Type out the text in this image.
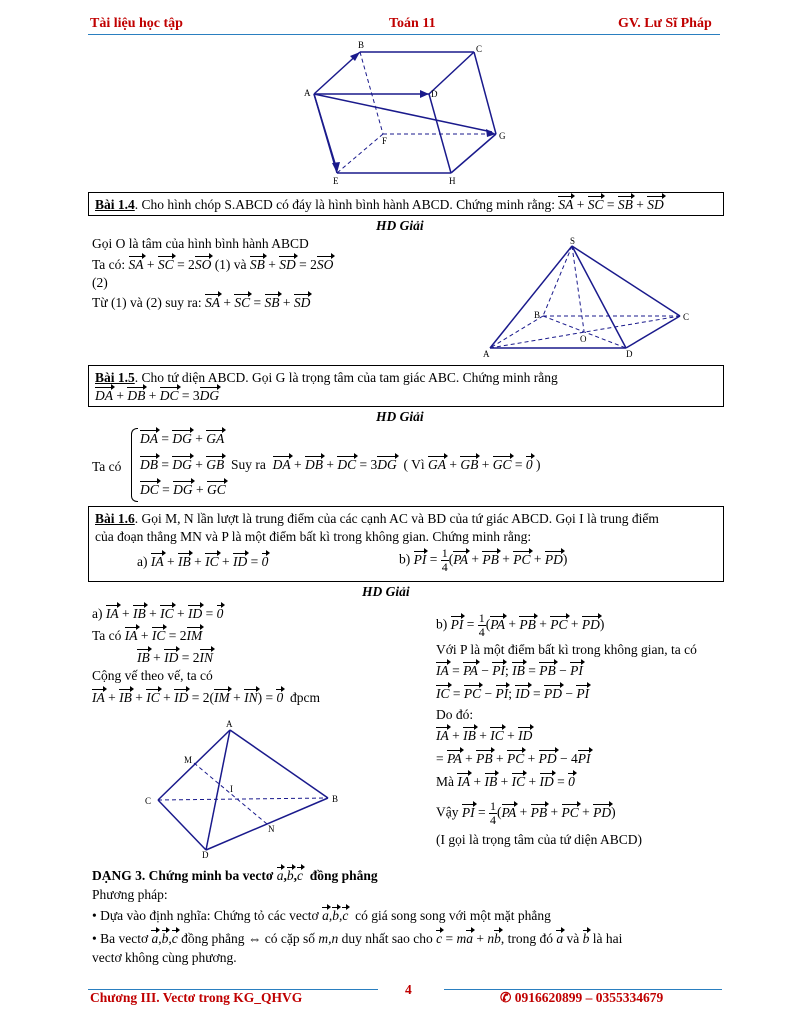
Tài liệu học tập	Toán 11	GV. Lư Sĩ Pháp
B	C
A	D
F	G
E	H
Bài 1.4. Cho hình chóp S.ABCD có đáy là hình bình hành ABCD. Chứng minh rằng: SA + SC = SB + SD
HD Giải
Gọi O là tâm của hình bình hành ABCD
Ta có: SA + SC = 2SO (1) và SB + SD = 2SO
(2)
Từ (1) và (2) suy ra: SA + SC = SB + SD
S
B	C
O
A	D
Bài 1.5. Cho tứ diện ABCD. Gọi G là trọng tâm của tam giác ABC. Chứng minh rằng
DA + DB + DC = 3DG
HD Giải
Ta có
DA = DG + GA
DB = DG + GB Suy ra DA + DB + DC = 3DG ( Vì GA + GB + GC = 0 )
DC = DG + GC
Bài 1.6. Gọi M, N lần lượt là trung điểm của các cạnh AC và BD của tứ giác ABCD. Gọi I là trung điểm
của đoạn thẳng MN và P là một điểm bất kì trong không gian. Chứng minh rằng:
a) IA + IB + IC + ID = 0	b) PI = $\frac{1}{4} (PA$ + PB + PC + PD)
HD Giải
a) IA + IB + IC + ID = 0
Ta có IA + IC = 2IM
IB + ID = 2IN
Cộng vế theo vế, ta có
IA + IB + IC + ID = 2(IM + IN) = 0 đpcm
A
M
I
C	B
N
D
b) PI = $\frac{1}{4} (PA$ + PB + PC + PD)
Với P là một điểm bất kì trong không gian, ta có
IA = PA − PI; IB = PB − PI
IC = PC − PI; ID = PD − PI
Do đó:
IA + IB + IC + ID
= PA + PB + PC + PD − 4PI
Mà IA + IB + IC + ID = 0
Vậy PI = $\frac{1}{4} (PA$ + PB + PC + PD)
(I gọi là trọng tâm của tứ diện ABCD)
DẠNG 3. Chứng minh ba vectơ a,b,c đồng phẳng
Phương pháp:
• Dựa vào định nghĩa: Chứng tỏ các vectơ a,b,c có giá song song với một mặt phẳng
• Ba vectơ a,b,c đồng phẳng ⇔ có cặp số m,n duy nhất sao cho c = ma + nb, trong đó a và b là hai
vectơ không cùng phương.
Chương III. Vectơ trong KG_QHVG
4
✆ 0916620899 – 0355334679
